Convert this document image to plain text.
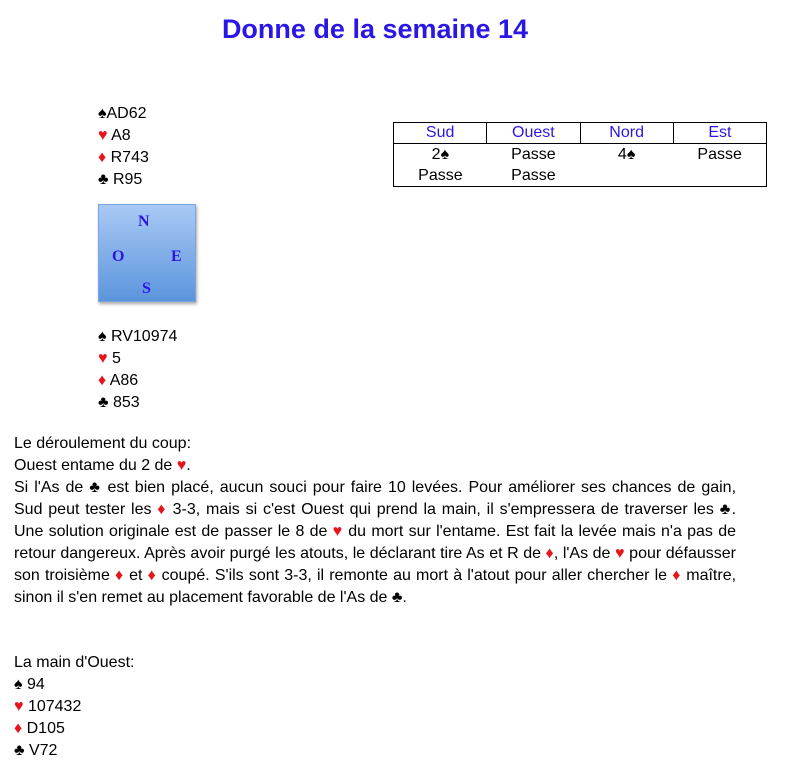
Donne de la semaine 14
♠AD62
♥ A8
♦ R743
♣ R95
N
O	E
S
♠ RV10974
♥ 5
♦ A86
♣ 853
Sud	Ouest	Nord	Est
2♠	Passe	4♠	Passe
Passe	Passe		

Le déroulement du coup:

Ouest entame du 2 de ♥.

Si l'As de ♣ est bien placé, aucun souci pour faire 10 levées. Pour améliorer ses chances de gain, Sud peut tester les ♦ 3-3, mais si c'est Ouest qui prend la main, il s'empressera de traverser les ♣. Une solution originale est de passer le 8 de ♥ du mort sur l'entame. Est fait la levée mais n'a pas de retour dangereux. Après avoir purgé les atouts, le déclarant tire As et R de ♦, l'As de ♥ pour défausser son troisième ♦ et ♦ coupé. S'ils sont 3-3, il remonte au mort à l'atout pour aller chercher le ♦ maître, sinon il s'en remet au placement favorable de l'As de ♣.

La main d'Ouest:
♠ 94
♥ 107432
♦ D105
♣ V72
